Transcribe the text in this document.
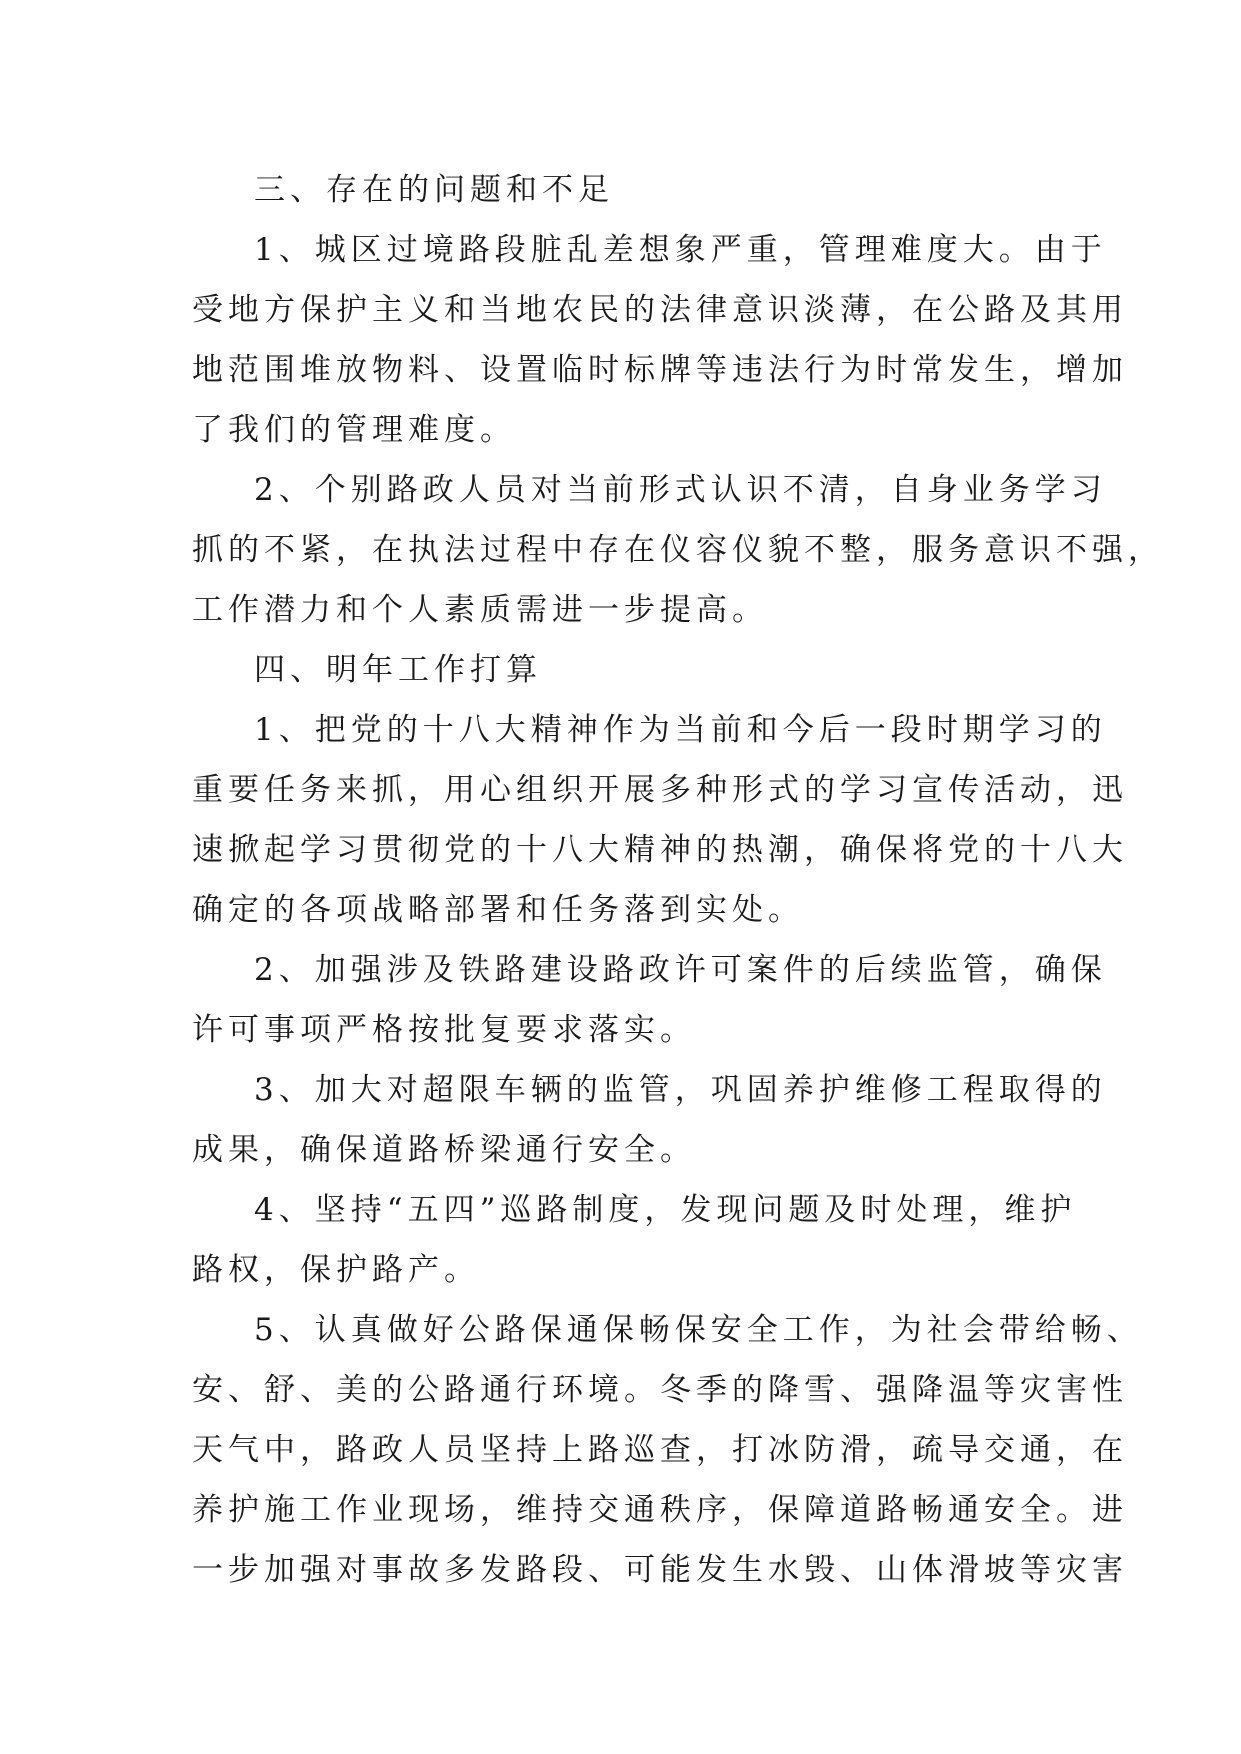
三、存在的问题和不足
1、城区过境路段脏乱差想象严重，管理难度大。由于
受地方保护主义和当地农民的法律意识淡薄，在公路及其用
地范围堆放物料、设置临时标牌等违法行为时常发生，增加
了我们的管理难度。
2、个别路政人员对当前形式认识不清，自身业务学习
抓的不紧，在执法过程中存在仪容仪貌不整，服务意识不强，
工作潜力和个人素质需进一步提高。
四、明年工作打算
1、把党的十八大精神作为当前和今后一段时期学习的
重要任务来抓，用心组织开展多种形式的学习宣传活动，迅
速掀起学习贯彻党的十八大精神的热潮，确保将党的十八大
确定的各项战略部署和任务落到实处。
2、加强涉及铁路建设路政许可案件的后续监管，确保
许可事项严格按批复要求落实。
3、加大对超限车辆的监管，巩固养护维修工程取得的
成果，确保道路桥梁通行安全。
4、坚持“五四”巡路制度，发现问题及时处理，维护
路权，保护路产。
5、认真做好公路保通保畅保安全工作，为社会带给畅、
安、舒、美的公路通行环境。冬季的降雪、强降温等灾害性
天气中，路政人员坚持上路巡查，打冰防滑，疏导交通，在
养护施工作业现场，维持交通秩序，保障道路畅通安全。进
一步加强对事故多发路段、可能发生水毁、山体滑坡等灾害
